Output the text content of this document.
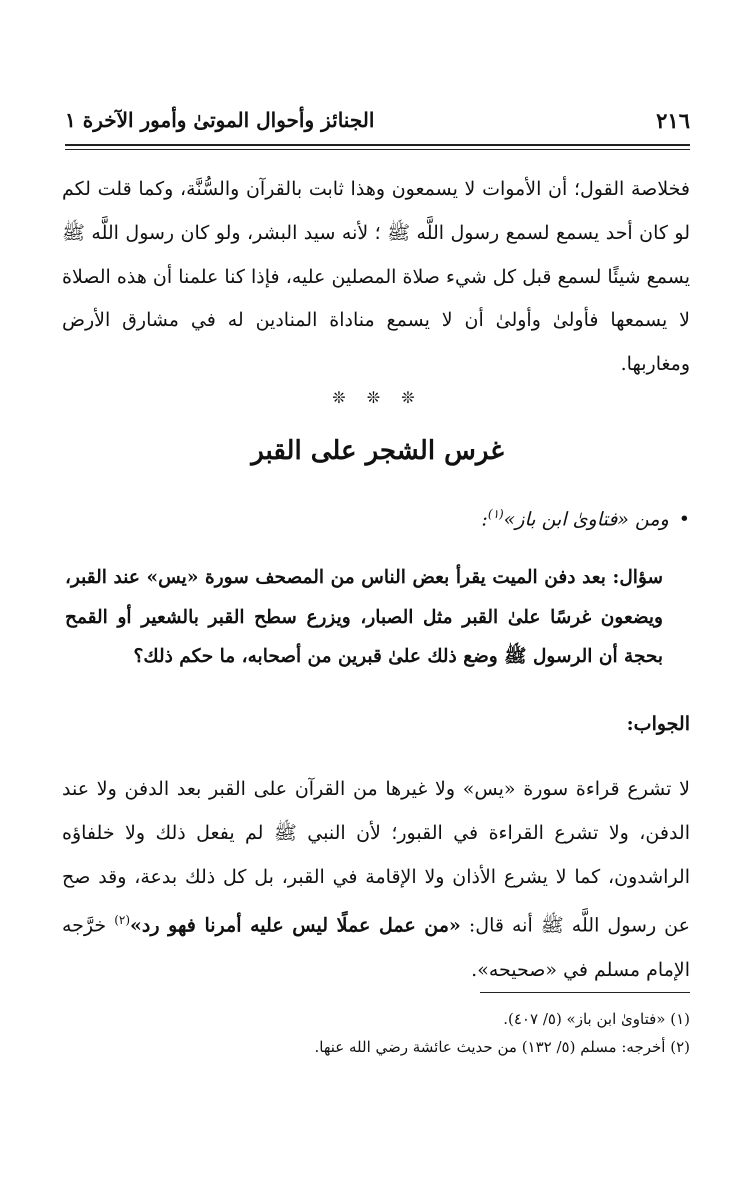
٢١٦
الجنائز وأحوال الموتىٰ وأمور الآخرة ١

فخلاصة القول؛ أن الأموات لا يسمعون وهذا ثابت بالقرآن والسُّنَّة، وكما قلت لكم لو كان أحد يسمع لسمع رسول اللَّه ﷺ ؛ لأنه سيد البشر، ولو كان رسول اللَّه ﷺ يسمع شيئًا لسمع قبل كل شيء صلاة المصلين عليه، فإذا كنا علمنا أن هذه الصلاة لا يسمعها فأولىٰ وأولىٰ أن لا يسمع مناداة المنادين له في مشارق الأرض ومغاربها.

❊ ❊ ❊
غرس الشجر على القبر
•ومن «فتاوىٰ ابن باز»$^{(١)}$:
سؤال: بعد دفن الميت يقرأ بعض الناس من المصحف سورة «يس» عند القبر، ويضعون غرسًا علىٰ القبر مثل الصبار، ويزرع سطح القبر بالشعير أو القمح بحجة أن الرسول ﷺ وضع ذلك علىٰ قبرين من أصحابه، ما حكم ذلك؟
الجواب:

لا تشرع قراءة سورة «يس» ولا غيرها من القرآن على القبر بعد الدفن ولا عند الدفن، ولا تشرع القراءة في القبور؛ لأن النبي ﷺ لم يفعل ذلك ولا خلفاؤه الراشدون، كما لا يشرع الأذان ولا الإقامة في القبر، بل كل ذلك بدعة، وقد صح عن رسول اللَّه ﷺ أنه قال: «من عمل عملًا ليس عليه أمرنا فهو رد»$^{(٢)}$ خرَّجه الإمام مسلم في «صحيحه».

(١) «فتاوىٰ ابن باز» (٥/ ٤٠٧).

(٢) أخرجه: مسلم (٥/ ١٣٢) من حديث عائشة رضي الله عنها.
